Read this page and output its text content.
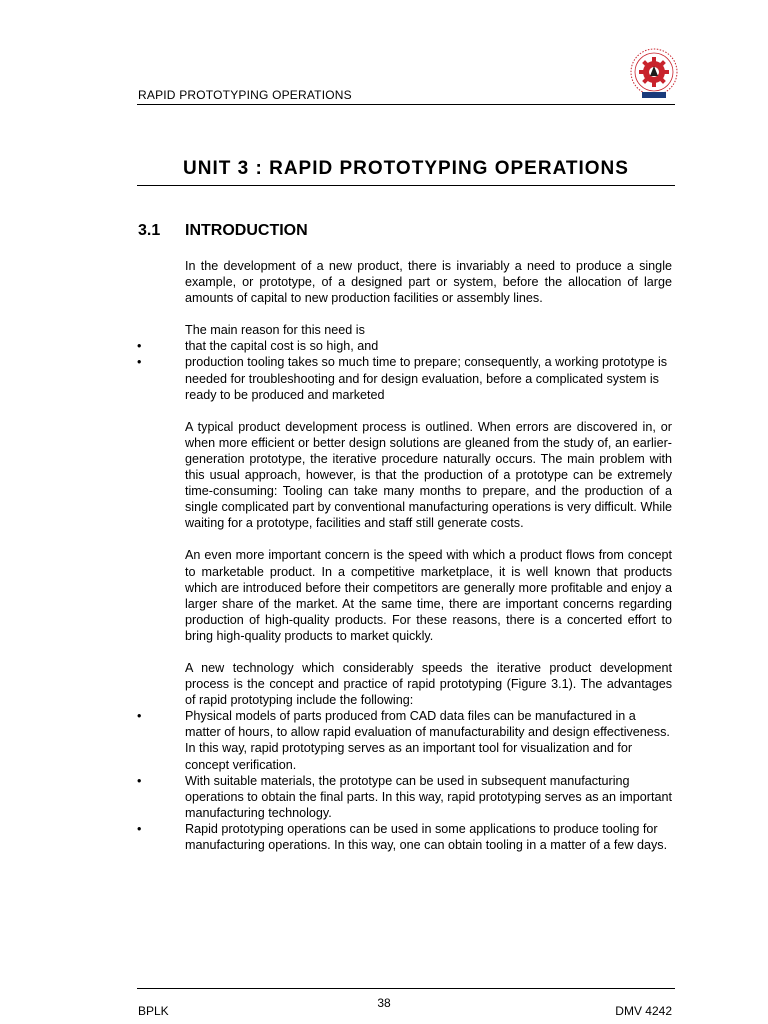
RAPID PROTOTYPING OPERATIONS
UNIT 3 : RAPID PROTOTYPING OPERATIONS
3.1 INTRODUCTION

In the development of a new product, there is invariably a need to produce a single example, or prototype, of a designed part or system, before the allocation of large amounts of capital to new production facilities or assembly lines.

The main reason for this need is

•	that the capital cost is so high, and
•	production tooling takes so much time to prepare; consequently, a working prototype is needed for troubleshooting and for design evaluation, before a complicated system is ready to be produced and marketed

A typical product development process is outlined. When errors are discovered in, or when more efficient or better design solutions are gleaned from the study of, an earlier-generation prototype, the iterative procedure naturally occurs. The main problem with this usual approach, however, is that the production of a prototype can be extremely time-consuming: Tooling can take many months to prepare, and the production of a single complicated part by conventional manufacturing operations is very difficult. While waiting for a prototype, facilities and staff still generate costs.

An even more important concern is the speed with which a product flows from concept to marketable product. In a competitive marketplace, it is well known that products which are introduced before their competitors are generally more profitable and enjoy a larger share of the market. At the same time, there are important concerns regarding production of high-quality products. For these reasons, there is a concerted effort to bring high-quality products to market quickly.

A new technology which considerably speeds the iterative product development process is the concept and practice of rapid prototyping (Figure 3.1). The advantages of rapid prototyping include the following:

•	Physical models of parts produced from CAD data files can be manufactured in a matter of hours, to allow rapid evaluation of manufacturability and design effectiveness. In this way, rapid prototyping serves as an important tool for visualization and for concept verification.
•	With suitable materials, the prototype can be used in subsequent manufacturing operations to obtain the final parts. In this way, rapid prototyping serves as an important manufacturing technology.
•	Rapid prototyping operations can be used in some applications to produce tooling for manufacturing operations. In this way, one can obtain tooling in a matter of a few days.
BPLK
38
DMV 4242
